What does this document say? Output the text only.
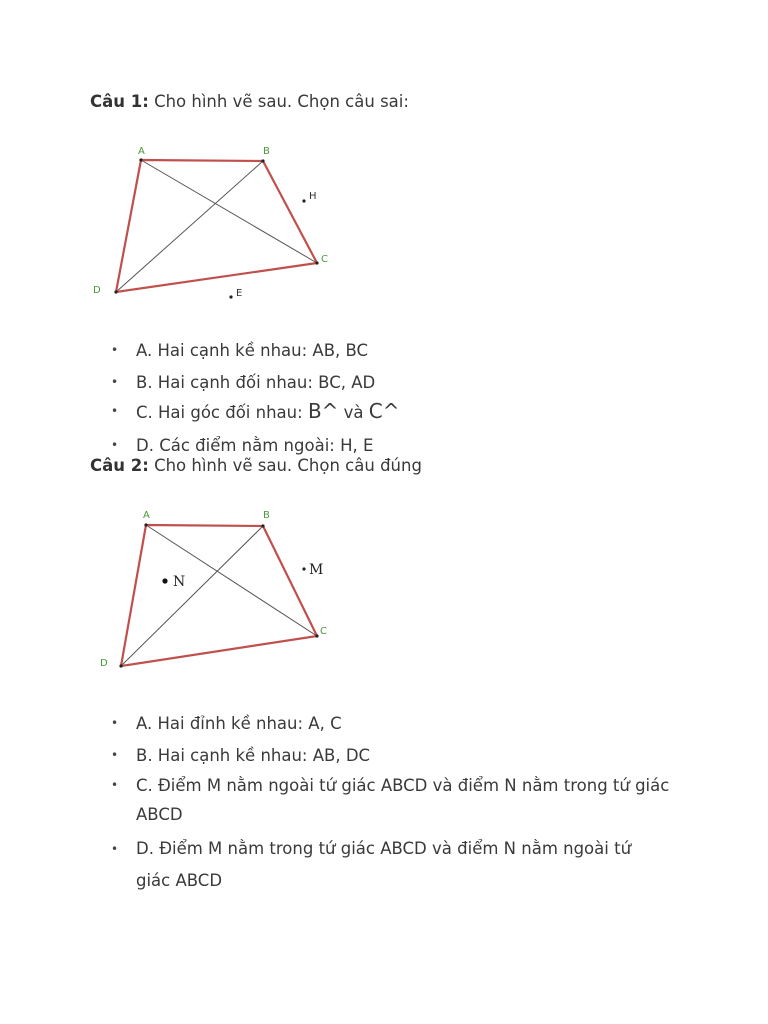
Câu 1: Cho hình vẽ sau. Chọn câu sai:
A	B
C
D
H
E
• A. Hai cạnh kề nhau: AB, BC
• B. Hai cạnh đối nhau: BC, AD
• C. Hai góc đối nhau: B^ và C^
• D. Các điểm nằm ngoài: H, E
Câu 2: Cho hình vẽ sau. Chọn câu đúng
A	B
C
D
M
N
• A. Hai đỉnh kề nhau: A, C
• B. Hai cạnh kề nhau: AB, DC
• C. Điểm M nằm ngoài tứ giác ABCD và điểm N nằm trong tứ giác ABCD
• D. Điểm M nằm trong tứ giác ABCD và điểm N nằm ngoài tứ giác ABCD
